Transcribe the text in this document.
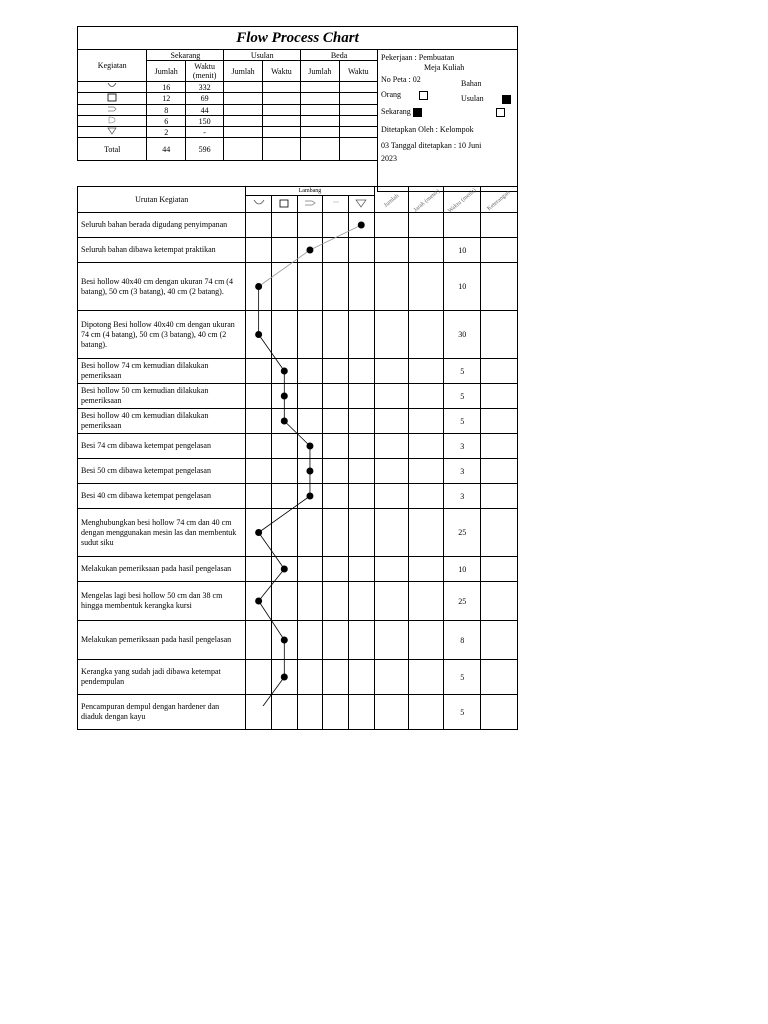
Flow Process Chart
Kegiatan	Sekarang		Usulan		Beda	
	Jumlah	Waktu (menit)	Jumlah	Waktu	Jumlah	Waktu
	16	332				
	12	69				
	8	44				
	6	150				
	2	-				
Total	44	596				
Pekerjaan : Pembuatan
Meja Kuliah
No Peta : 02	Bahan
Orang	Usulan
Sekarang
Ditetapkan Oleh : Kelompok
03 Tanggal ditetapkan : 10 Juni
2023
Urutan Kegiatan	Lambang					Jumlah	Jarak (meter)	Waktu (menit)	Keterangan

Seluruh bahan berada digudang penyimpanan									
Seluruh bahan dibawa ketempat praktikan								10	
Besi hollow 40x40 cm dengan ukuran 74 cm (4 batang), 50 cm (3 batang), 40 cm (2 batang).								10	
Dipotong Besi hollow 40x40 cm dengan ukuran 74 cm (4 batang), 50 cm (3 batang), 40 cm (2 batang).								30	
Besi hollow 74 cm kemudian dilakukan pemeriksaan								5	
Besi hollow 50 cm kemudian dilakukan pemeriksaan								5	
Besi hollow 40 cm kemudian dilakukan pemeriksaan								5	
Besi 74 cm dibawa ketempat pengelasan								3	
Besi 50 cm dibawa ketempat pengelasan								3	
Besi 40 cm dibawa ketempat pengelasan								3	
Menghubungkan besi hollow 74 cm dan 40 cm dengan menggunakan mesin las dan membentuk sudut siku								25	
Melakukan pemeriksaan pada hasil pengelasan								10	
Mengelas lagi besi hollow 50 cm dan 38 cm hingga membentuk kerangka kursi								25	
Melakukan pemeriksaan pada hasil pengelasan								8	
Kerangka yang sudah jadi dibawa ketempat pendempulan								5	
Pencampuran dempul dengan hardener dan diaduk dengan kayu								5	
